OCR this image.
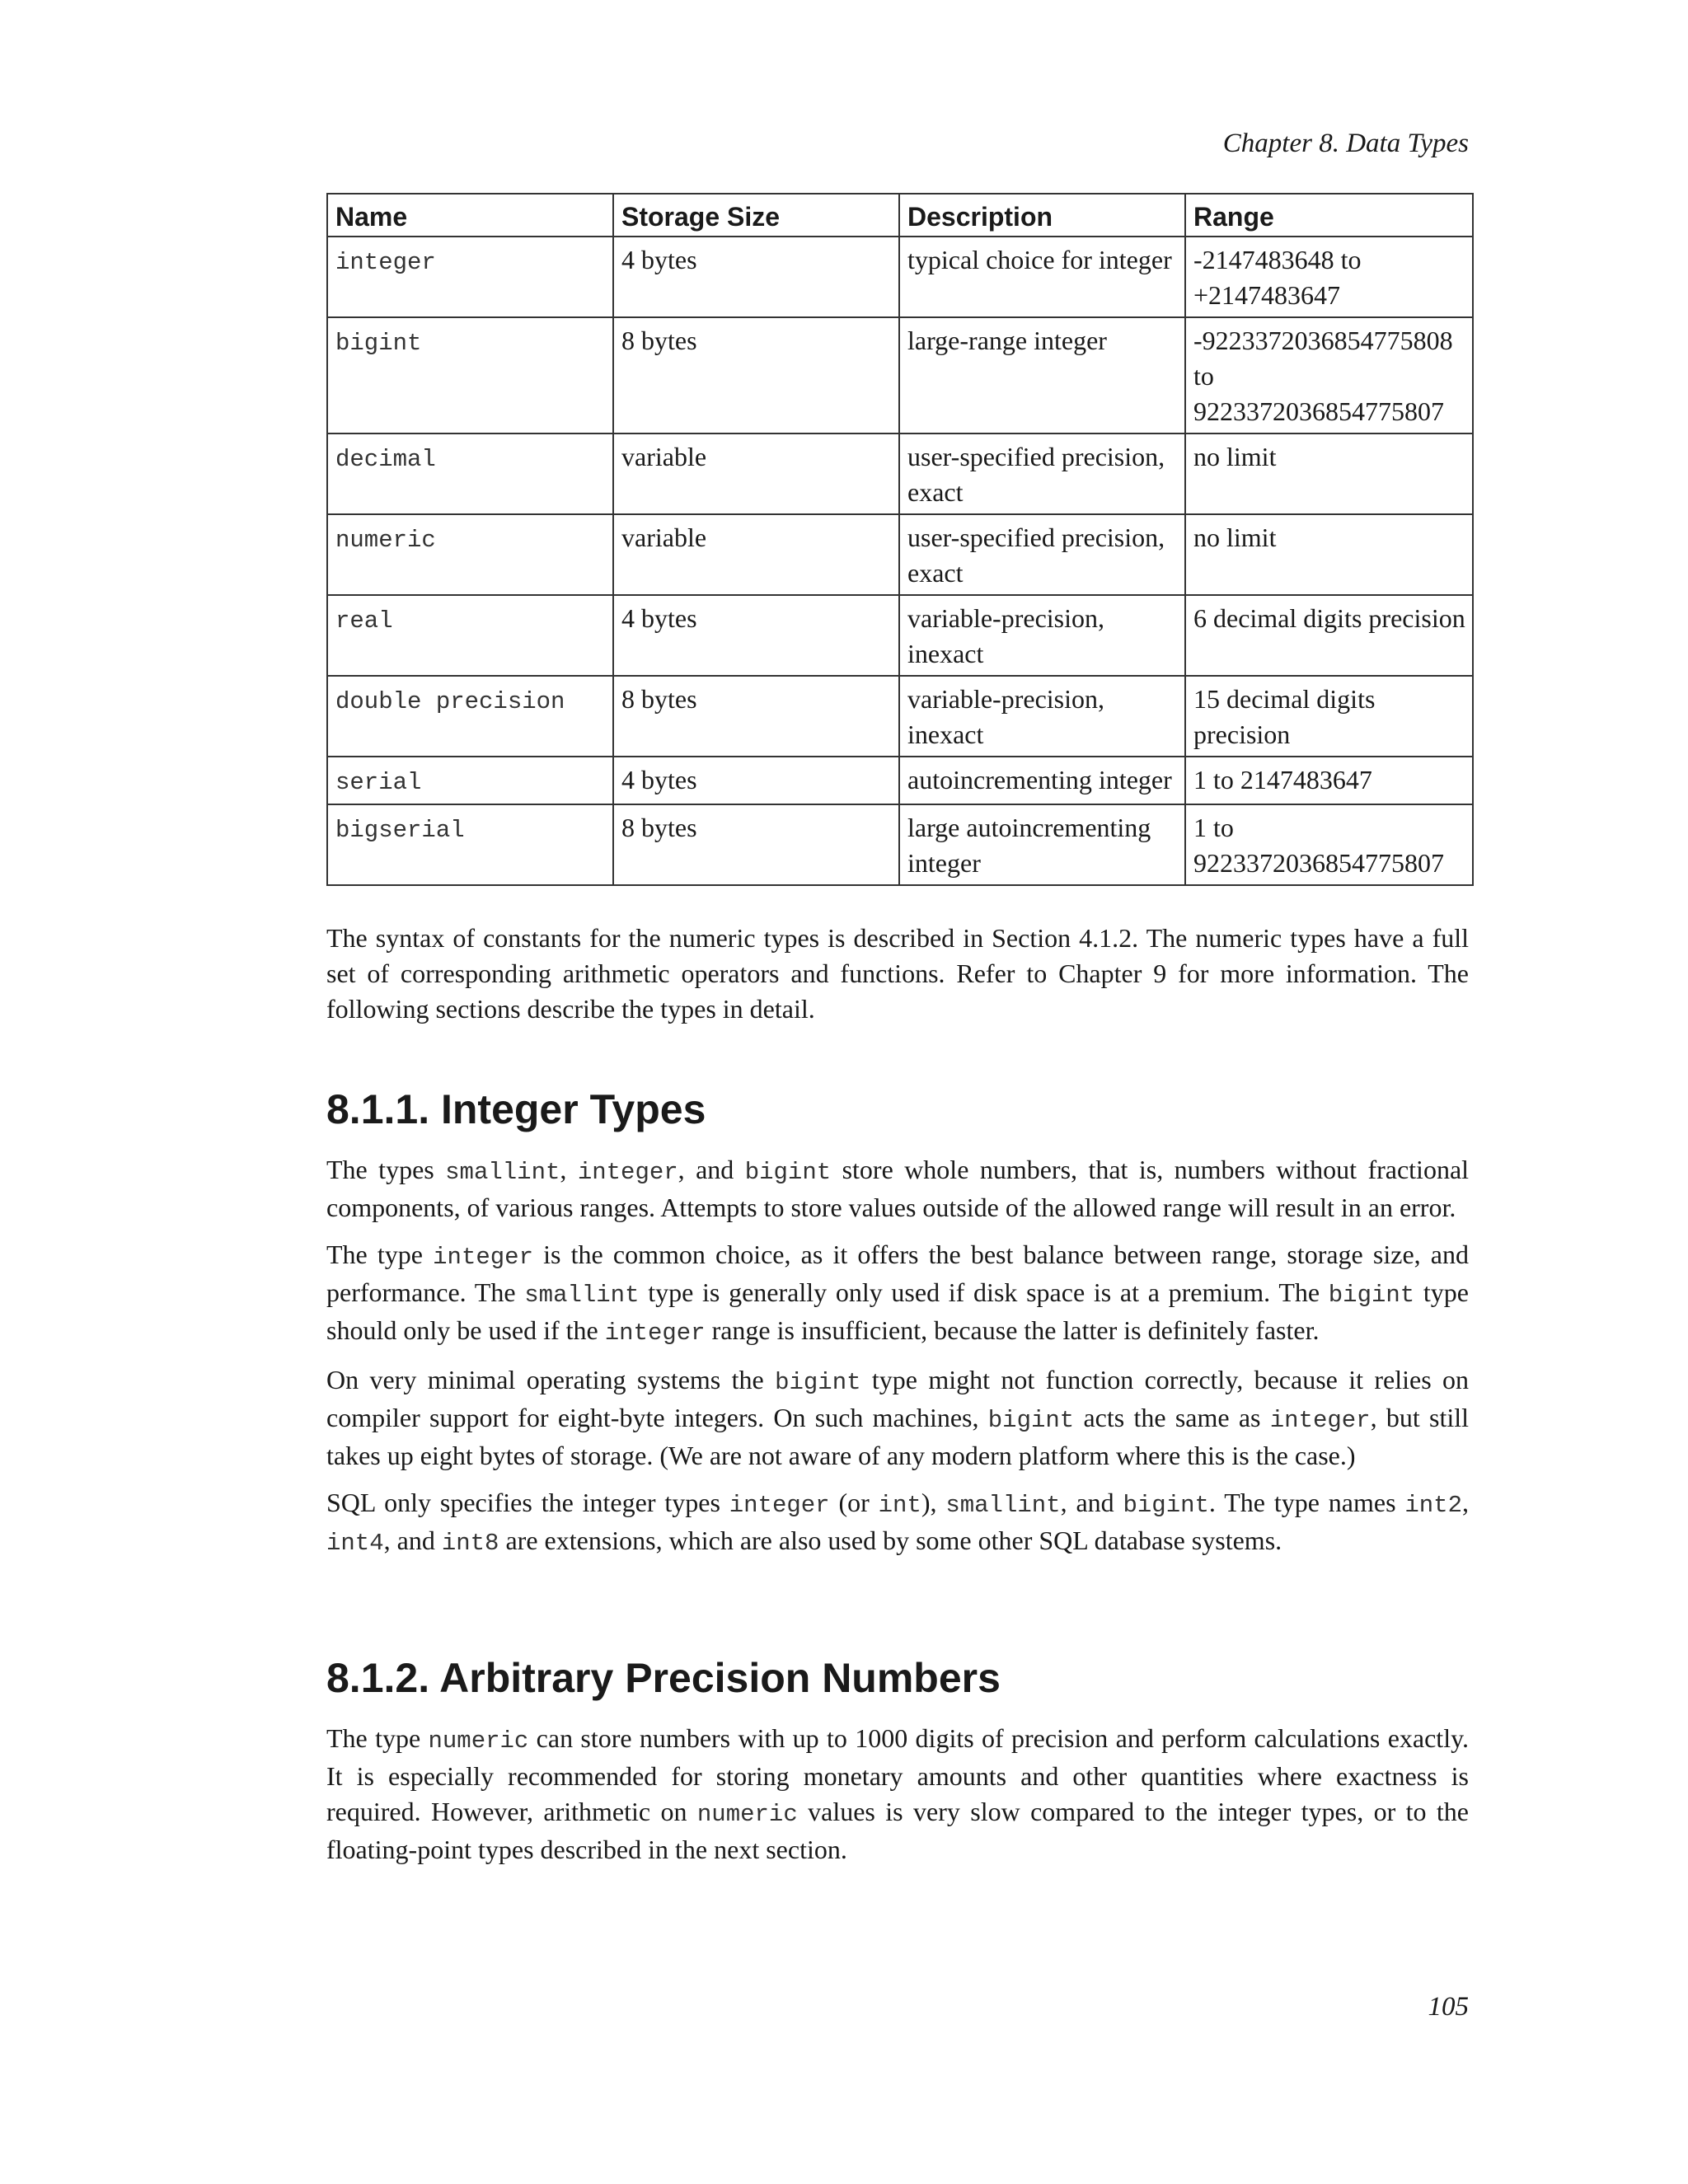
Chapter 8. Data Types
Name	Storage Size	Description	Range
integer	4 bytes	typical choice for integer	-2147483648 to +2147483647
bigint	8 bytes	large-range integer	-9223372036854775808 to 9223372036854775807
decimal	variable	user-specified precision, exact	no limit
numeric	variable	user-specified precision, exact	no limit
real	4 bytes	variable-precision, inexact	6 decimal digits precision
double precision	8 bytes	variable-precision, inexact	15 decimal digits precision
serial	4 bytes	autoincrementing integer	1 to 2147483647
bigserial	8 bytes	large autoincrementing integer	1 to 9223372036854775807

The syntax of constants for the numeric types is described in Section 4.1.2. The numeric types have a full set of corresponding arithmetic operators and functions. Refer to Chapter 9 for more information. The following sections describe the types in detail.

8.1.1. Integer Types

The types smallint, integer, and bigint store whole numbers, that is, numbers without fractional components, of various ranges. Attempts to store values outside of the allowed range will result in an error.

The type integer is the common choice, as it offers the best balance between range, storage size, and performance. The smallint type is generally only used if disk space is at a premium. The bigint type should only be used if the integer range is insufficient, because the latter is definitely faster.

On very minimal operating systems the bigint type might not function correctly, because it relies on compiler support for eight-byte integers. On such machines, bigint acts the same as integer, but still takes up eight bytes of storage. (We are not aware of any modern platform where this is the case.)

SQL only specifies the integer types integer (or int), smallint, and bigint. The type names int2, int4, and int8 are extensions, which are also used by some other SQL database systems.

8.1.2. Arbitrary Precision Numbers

The type numeric can store numbers with up to 1000 digits of precision and perform calculations exactly. It is especially recommended for storing monetary amounts and other quantities where exactness is required. However, arithmetic on numeric values is very slow compared to the integer types, or to the floating-point types described in the next section.

105
